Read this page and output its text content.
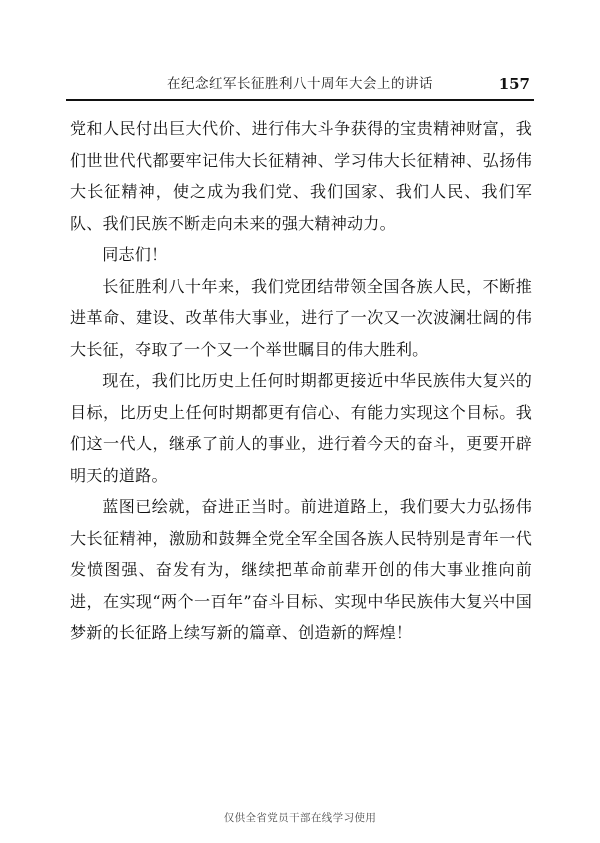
在纪念红军长征胜利八十周年大会上的讲话	157

党和人民付出巨大代价、进行伟大斗争获得的宝贵精神财富，我们世世代代都要牢记伟大长征精神、学习伟大长征精神、弘扬伟大长征精神，使之成为我们党、我们国家、我们人民、我们军队、我们民族不断走向未来的强大精神动力。

同志们！

长征胜利八十年来，我们党团结带领全国各族人民，不断推进革命、建设、改革伟大事业，进行了一次又一次波澜壮阔的伟大长征，夺取了一个又一个举世瞩目的伟大胜利。

现在，我们比历史上任何时期都更接近中华民族伟大复兴的目标，比历史上任何时期都更有信心、有能力实现这个目标。我们这一代人，继承了前人的事业，进行着今天的奋斗，更要开辟明天的道路。

蓝图已绘就，奋进正当时。前进道路上，我们要大力弘扬伟大长征精神，激励和鼓舞全党全军全国各族人民特别是青年一代发愤图强、奋发有为，继续把革命前辈开创的伟大事业推向前进，在实现“两个一百年”奋斗目标、实现中华民族伟大复兴中国梦新的长征路上续写新的篇章、创造新的辉煌！

仅供全省党员干部在线学习使用
